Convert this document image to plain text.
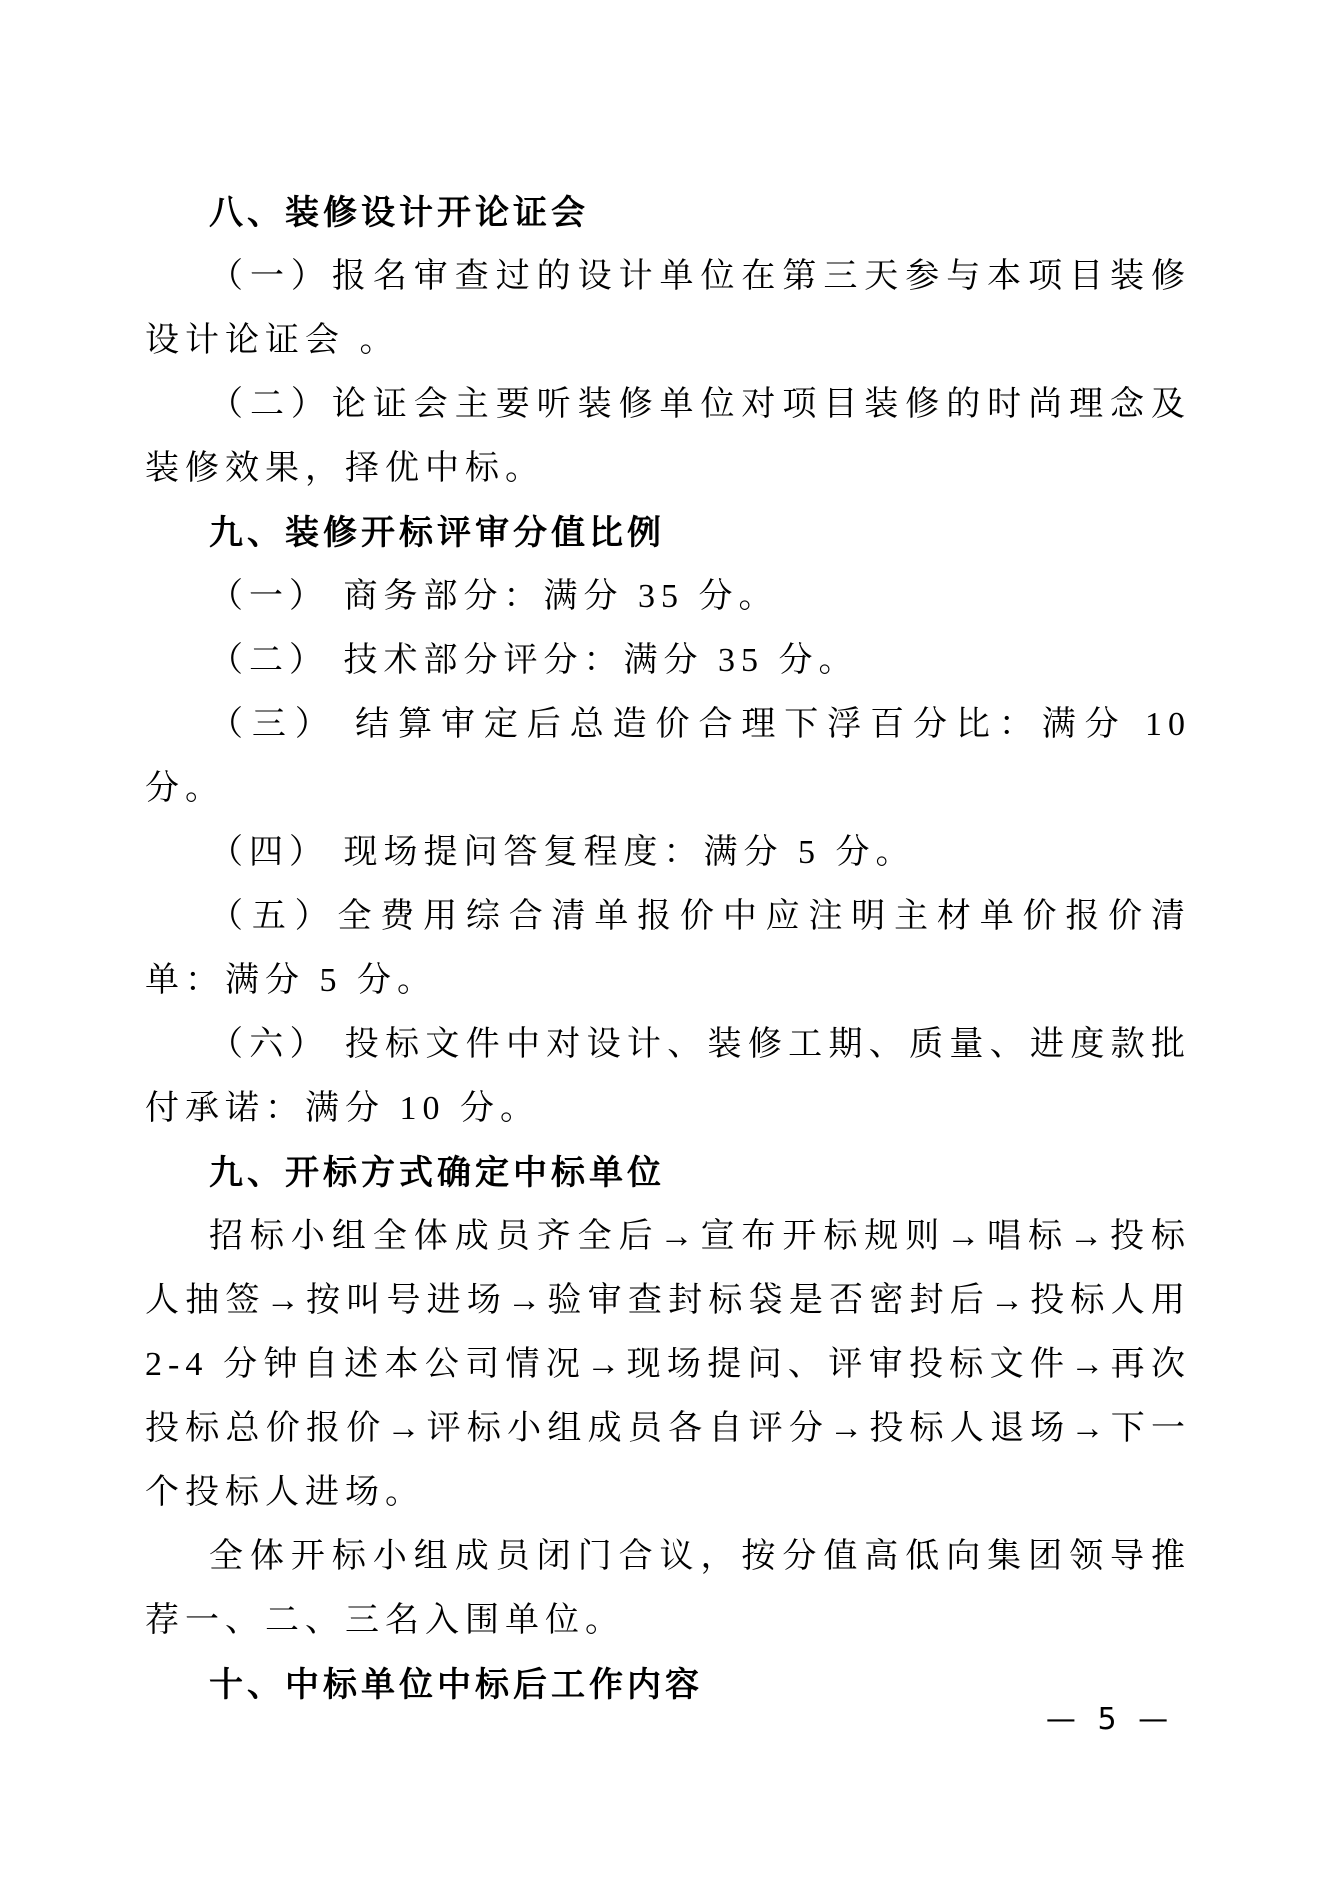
八、装修设计开论证会

（一）报名审查过的设计单位在第三天参与本项目装修设计论证会 。

（二）论证会主要听装修单位对项目装修的时尚理念及装修效果，择优中标。

九、装修开标评审分值比例

（一） 商务部分：满分 35 分。

（二） 技术部分评分：满分 35 分。

（三） 结算审定后总造价合理下浮百分比：满分 10 分。

（四） 现场提问答复程度：满分 5 分。

（五）全费用综合清单报价中应注明主材单价报价清单：满分 5 分。

（六） 投标文件中对设计、装修工期、质量、进度款批付承诺：满分 10 分。

九、开标方式确定中标单位

招标小组全体成员齐全后→宣布开标规则→唱标→投标人抽签→按叫号进场→验审查封标袋是否密封后→投标人用 2-4 分钟自述本公司情况→现场提问、评审投标文件→再次投标总价报价→评标小组成员各自评分→投标人退场→下一个投标人进场。

全体开标小组成员闭门合议，按分值高低向集团领导推荐一、二、三名入围单位。

十、中标单位中标后工作内容
— 5 —
